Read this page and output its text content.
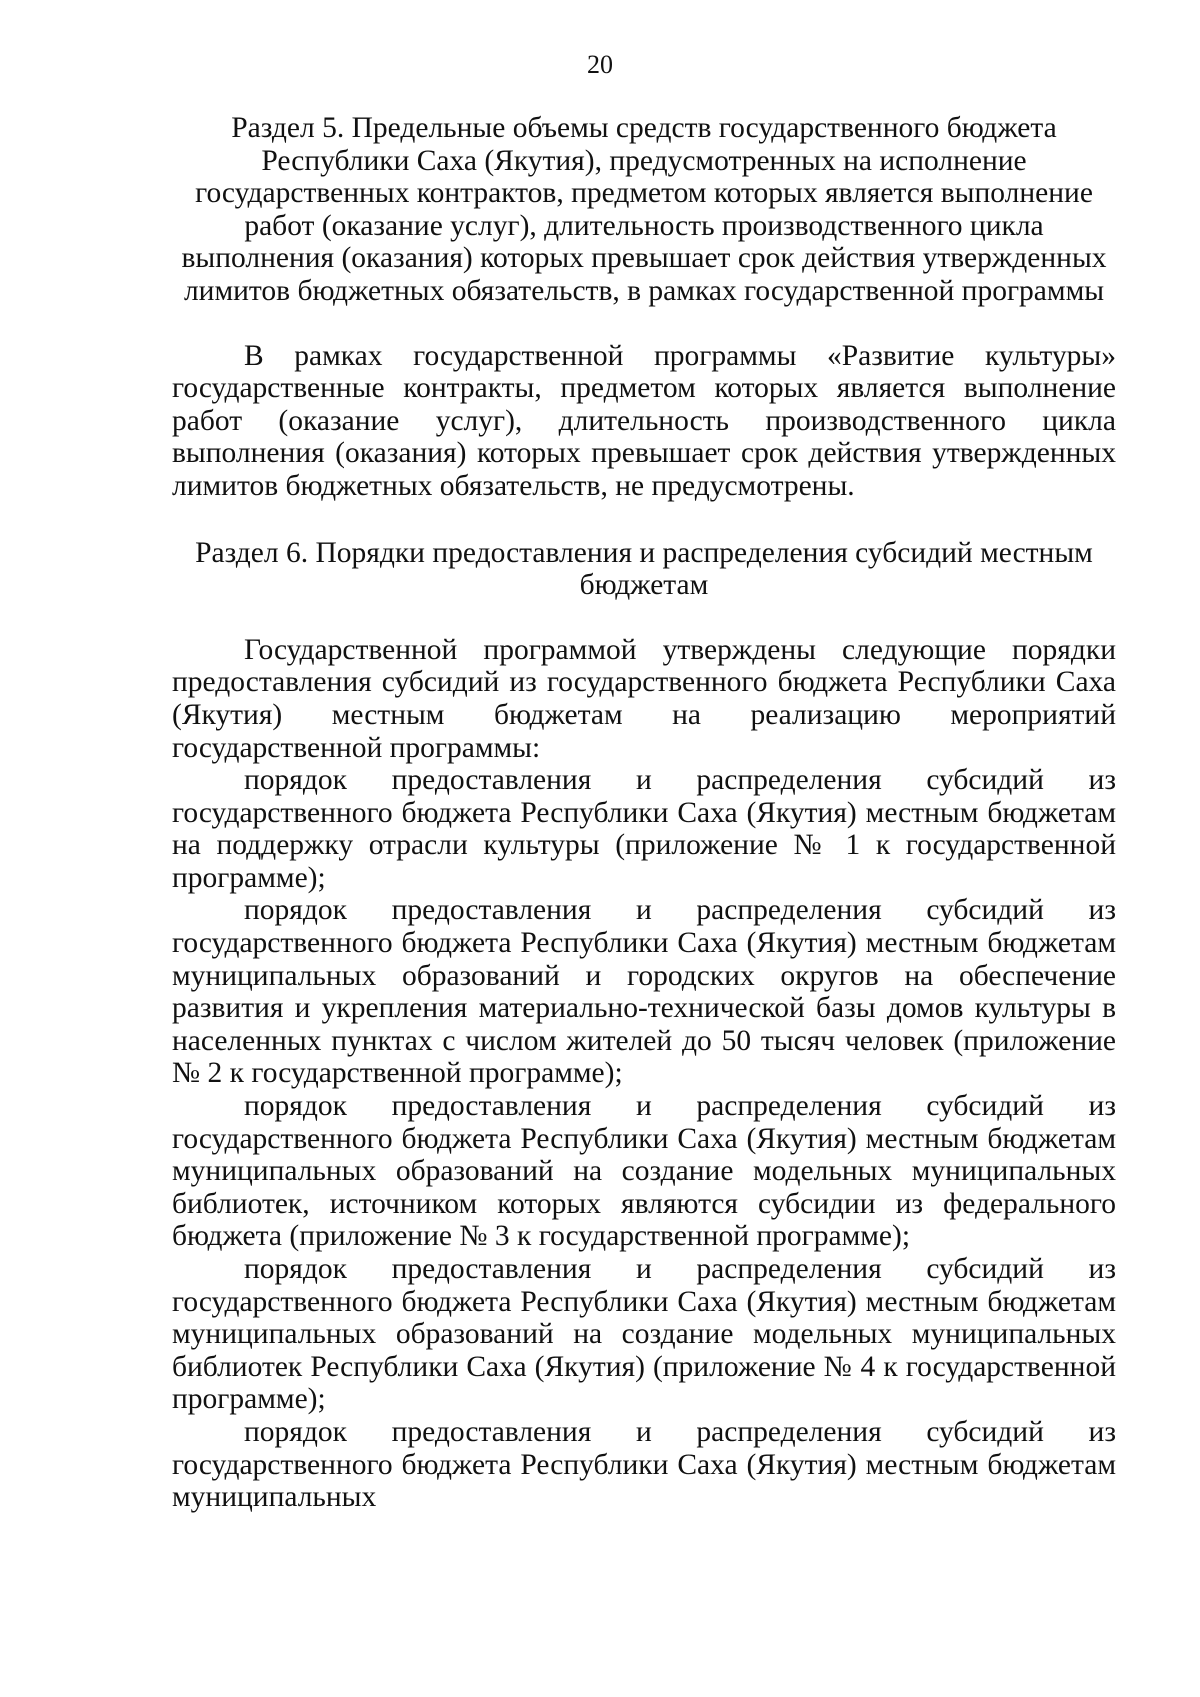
20
Раздел 5. Предельные объемы средств государственного бюджета Республики Саха (Якутия), предусмотренных на исполнение государственных контрактов, предметом которых является выполнение работ (оказание услуг), длительность производственного цикла выполнения (оказания) которых превышает срок действия утвержденных лимитов бюджетных обязательств, в рамках государственной программы

В рамках государственной программы «Развитие культуры» государственные контракты, предметом которых является выполнение работ (оказание услуг), длительность производственного цикла выполнения (оказания) которых превышает срок действия утвержденных лимитов бюджетных обязательств, не предусмотрены.

Раздел 6. Порядки предоставления и распределения субсидий местным бюджетам

Государственной программой утверждены следующие порядки предоставления субсидий из государственного бюджета Республики Саха (Якутия) местным бюджетам на реализацию мероприятий государственной программы:

порядок предоставления и распределения субсидий из государственного бюджета Республики Саха (Якутия) местным бюджетам на поддержку отрасли культуры (приложение № 1 к государственной программе);

порядок предоставления и распределения субсидий из государственного бюджета Республики Саха (Якутия) местным бюджетам муниципальных образований и городских округов на обеспечение развития и укрепления материально-технической базы домов культуры в населенных пунктах с числом жителей до 50 тысяч человек (приложение № 2 к государственной программе);

порядок предоставления и распределения субсидий из государственного бюджета Республики Саха (Якутия) местным бюджетам муниципальных образований на создание модельных муниципальных библиотек, источником которых являются субсидии из федерального бюджета (приложение № 3 к государственной программе);

порядок предоставления и распределения субсидий из государственного бюджета Республики Саха (Якутия) местным бюджетам муниципальных образований на создание модельных муниципальных библиотек Республики Саха (Якутия) (приложение № 4 к государственной программе);

порядок предоставления и распределения субсидий из государственного бюджета Республики Саха (Якутия) местным бюджетам муниципальных
